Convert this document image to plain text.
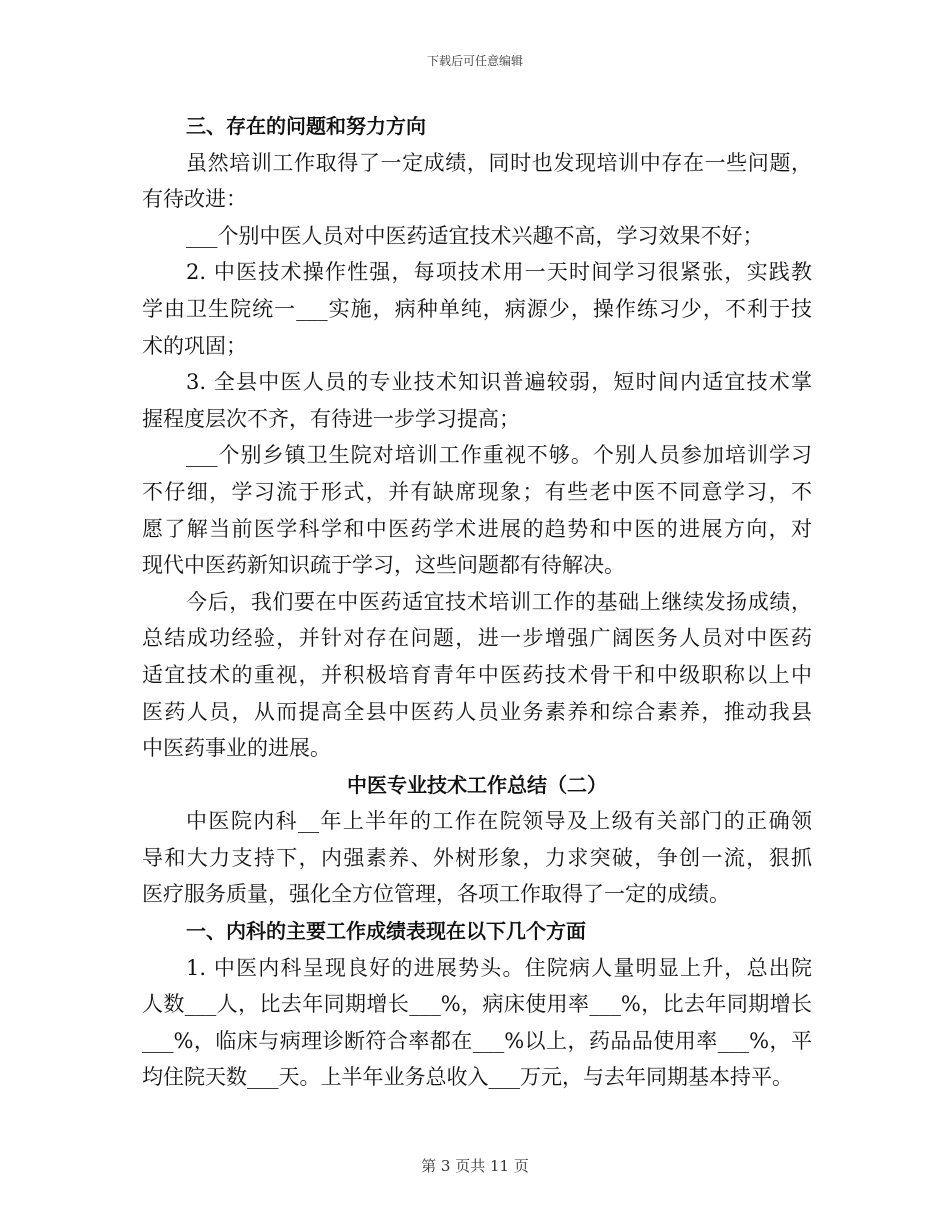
下载后可任意编辑
三、存在的问题和努力方向
虽然培训工作取得了一定成绩，同时也发现培训中存在一些问题，
有待改进：
___个别中医人员对中医药适宜技术兴趣不高，学习效果不好；
2. 中医技术操作性强，每项技术用一天时间学习很紧张，实践教
学由卫生院统一___实施，病种单纯，病源少，操作练习少，不利于技
术的巩固；
3. 全县中医人员的专业技术知识普遍较弱，短时间内适宜技术掌
握程度层次不齐，有待进一步学习提高；
___个别乡镇卫生院对培训工作重视不够。个别人员参加培训学习
不仔细，学习流于形式，并有缺席现象；有些老中医不同意学习，不
愿了解当前医学科学和中医药学术进展的趋势和中医的进展方向，对
现代中医药新知识疏于学习，这些问题都有待解决。
今后，我们要在中医药适宜技术培训工作的基础上继续发扬成绩，
总结成功经验，并针对存在问题，进一步增强广阔医务人员对中医药
适宜技术的重视，并积极培育青年中医药技术骨干和中级职称以上中
医药人员，从而提高全县中医药人员业务素养和综合素养，推动我县
中医药事业的进展。
中医专业技术工作总结（二）
中医院内科__年上半年的工作在院领导及上级有关部门的正确领
导和大力支持下，内强素养、外树形象，力求突破，争创一流，狠抓
医疗服务质量，强化全方位管理，各项工作取得了一定的成绩。
一、内科的主要工作成绩表现在以下几个方面
1. 中医内科呈现良好的进展势头。住院病人量明显上升，总出院
人数___人，比去年同期增长___%，病床使用率___%，比去年同期增长
___%，临床与病理诊断符合率都在___%以上，药品品使用率___%，平
均住院天数___天。上半年业务总收入___万元，与去年同期基本持平。
第 3 页共 11 页
